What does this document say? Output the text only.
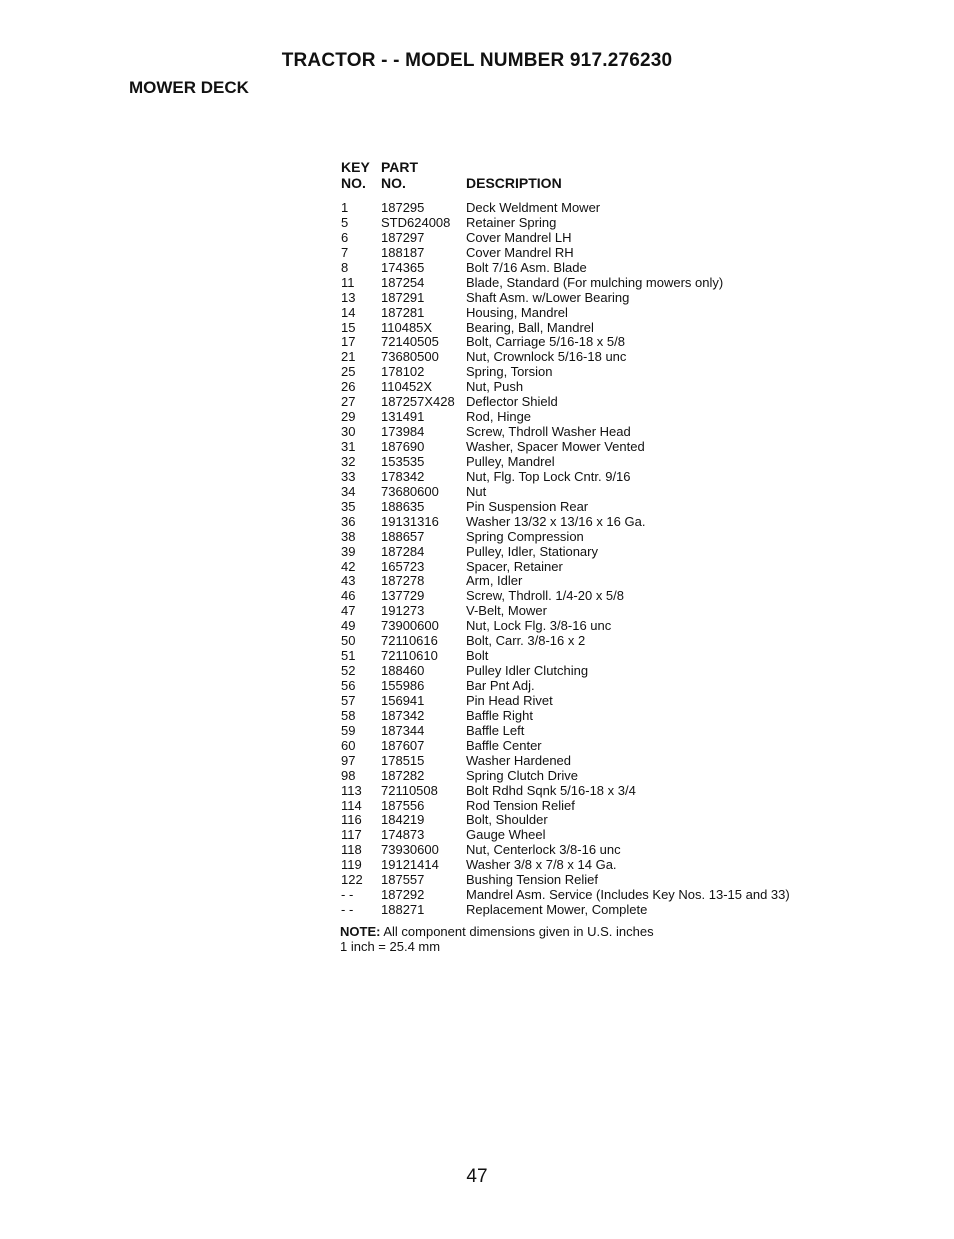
TRACTOR - - MODEL NUMBER 917.276230
MOWER DECK
KEY
NO.
PART
NO.	DESCRIPTION
1	187295	Deck Weldment Mower
5	STD624008 Retainer Spring
6	187297	Cover Mandrel LH
7	188187	Cover Mandrel RH
8	174365	Bolt 7/16 Asm. Blade
11 187254	Blade, Standard (For mulching mowers only)
13 187291	Shaft Asm. w/Lower Bearing
14 187281	Housing, Mandrel
15 110485X	Bearing, Ball, Mandrel
17 72140505 Bolt, Carriage 5/16-18 x 5/8
21 73680500 Nut, Crownlock 5/16-18 unc
25 178102	Spring, Torsion
26 110452X	Nut, Push
27 187257X428 Deflector Shield
29 131491	Rod, Hinge
30 173984	Screw, Thdroll Washer Head
31 187690	Washer, Spacer Mower Vented
32 153535	Pulley, Mandrel
33 178342	Nut, Flg. Top Lock Cntr. 9/16
34 73680600 Nut
35 188635	Pin Suspension Rear
36 19131316 Washer 13/32 x 13/16 x 16 Ga.
38 188657	Spring Compression
39 187284	Pulley, Idler, Stationary
42 165723	Spacer, Retainer
43 187278	Arm, Idler
46 137729	Screw, Thdroll. 1/4-20 x 5/8
47 191273	V-Belt, Mower
49 73900600 Nut, Lock Flg. 3/8-16 unc
50 72110616 Bolt, Carr. 3/8-16 x 2
51 72110610 Bolt
52 188460	Pulley Idler Clutching
56 155986	Bar Pnt Adj.
57 156941	Pin Head Rivet
58 187342	Baffle Right
59 187344	Baffle Left
60 187607	Baffle Center
97 178515	Washer Hardened
98 187282	Spring Clutch Drive
113 72110508 Bolt Rdhd Sqnk 5/16-18 x 3/4
114 187556	Rod Tension Relief
116 184219	Bolt, Shoulder
117 174873	Gauge Wheel
118 73930600 Nut, Centerlock 3/8-16 unc
119 19121414 Washer 3/8 x 7/8 x 14 Ga.
122 187557	Bushing Tension Relief
- - 187292	Mandrel Asm. Service (Includes Key Nos. 13-15 and 33)
- - 188271	Replacement Mower, Complete
NOTE: All component dimensions given in U.S. inches
1 inch = 25.4 mm
47
